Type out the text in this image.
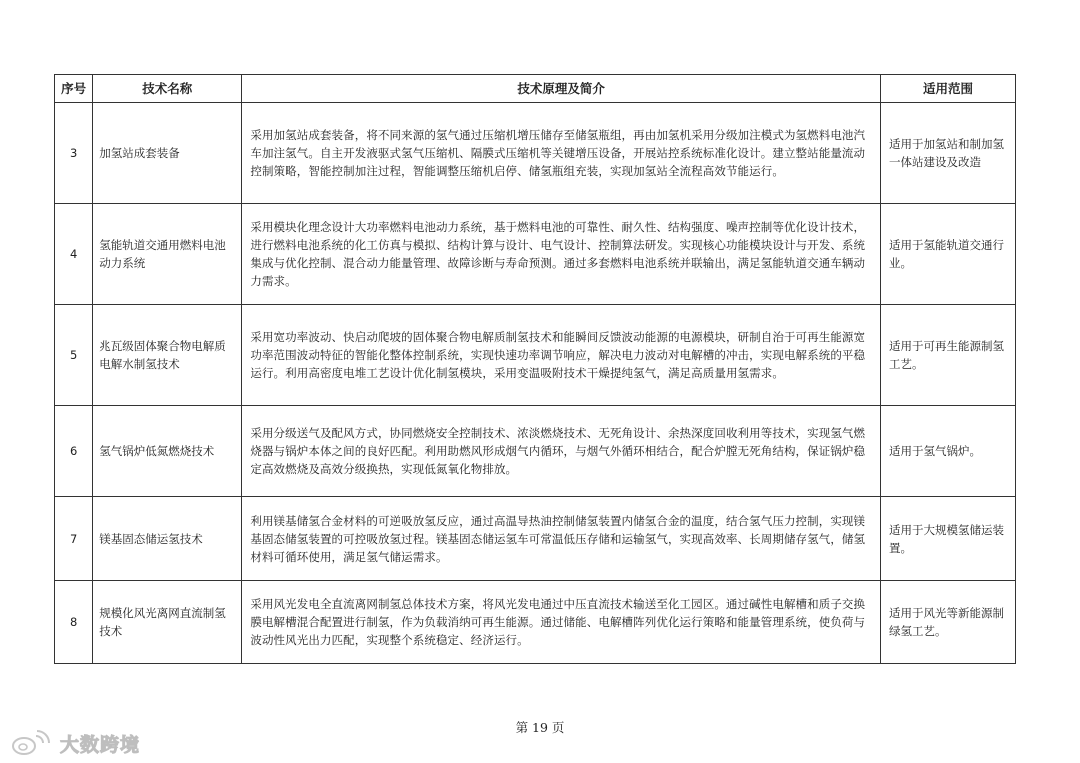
序号	技术名称	技术原理及简介	适用范围
3	加氢站成套装备	采用加氢站成套装备，将不同来源的氢气通过压缩机增压储存至储氢瓶组，再由加氢机采用分级加注模式为氢燃料电池汽车加注氢气。自主开发液驱式氢气压缩机、隔膜式压缩机等关键增压设备，开展站控系统标准化设计。建立整站能量流动控制策略，智能控制加注过程，智能调整压缩机启停、储氢瓶组充装，实现加氢站全流程高效节能运行。	适用于加氢站和制加氢一体站建设及改造
4	氢能轨道交通用燃料电池动力系统	采用模块化理念设计大功率燃料电池动力系统，基于燃料电池的可靠性、耐久性、结构强度、噪声控制等优化设计技术，进行燃料电池系统的化工仿真与模拟、结构计算与设计、电气设计、控制算法研发。实现核心功能模块设计与开发、系统集成与优化控制、混合动力能量管理、故障诊断与寿命预测。通过多套燃料电池系统并联输出，满足氢能轨道交通车辆动力需求。	适用于氢能轨道交通行业。
5	兆瓦级固体聚合物电解质电解水制氢技术	采用宽功率波动、快启动爬坡的固体聚合物电解质制氢技术和能瞬间反馈波动能源的电源模块，研制自治于可再生能源宽功率范围波动特征的智能化整体控制系统，实现快速功率调节响应，解决电力波动对电解槽的冲击，实现电解系统的平稳运行。利用高密度电堆工艺设计优化制氢模块，采用变温吸附技术干燥提纯氢气，满足高质量用氢需求。	适用于可再生能源制氢工艺。
6	氢气锅炉低氮燃烧技术	采用分级送气及配风方式，协同燃烧安全控制技术、浓淡燃烧技术、无死角设计、余热深度回收利用等技术，实现氢气燃烧器与锅炉本体之间的良好匹配。利用助燃风形成烟气内循环，与烟气外循环相结合，配合炉膛无死角结构，保证锅炉稳定高效燃烧及高效分级换热，实现低氮氧化物排放。	适用于氢气锅炉。
7	镁基固态储运氢技术	利用镁基储氢合金材料的可逆吸放氢反应，通过高温导热油控制储氢装置内储氢合金的温度，结合氢气压力控制，实现镁基固态储氢装置的可控吸放氢过程。镁基固态储运氢车可常温低压存储和运输氢气，实现高效率、长周期储存氢气，储氢材料可循环使用，满足氢气储运需求。	适用于大规模氢储运装置。
8	规模化风光离网直流制氢技术	采用风光发电全直流离网制氢总体技术方案，将风光发电通过中压直流技术输送至化工园区。通过碱性电解槽和质子交换膜电解槽混合配置进行制氢，作为负载消纳可再生能源。通过储能、电解槽阵列优化运行策略和能量管理系统，使负荷与波动性风光出力匹配，实现整个系统稳定、经济运行。	适用于风光等新能源制绿氢工艺。
第 19 页
大数跨境
